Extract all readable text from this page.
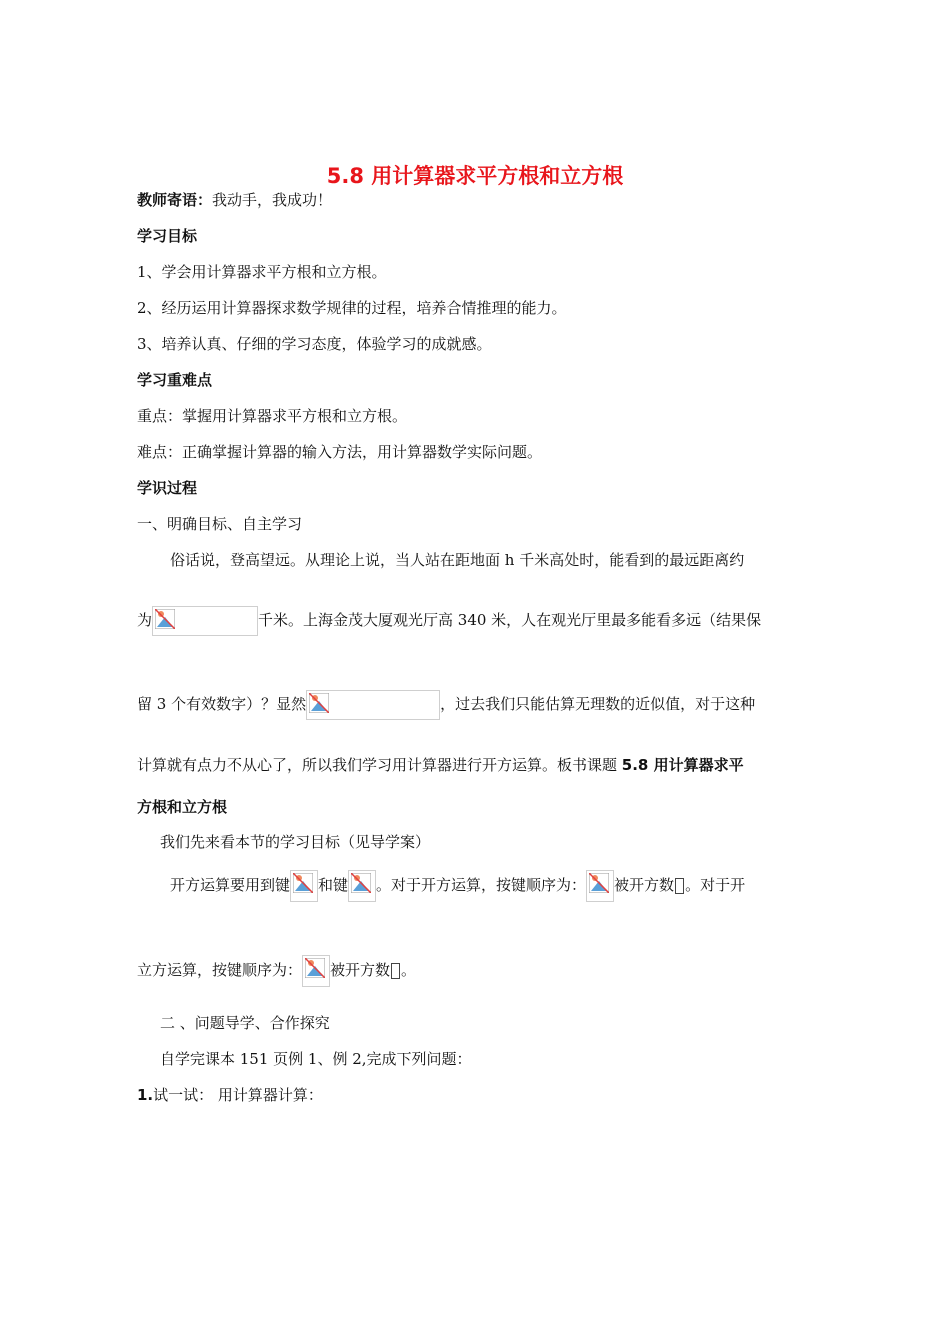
5.8 用计算器求平方根和立方根
教师寄语：我动手，我成功！
学习目标
1、学会用计算器求平方根和立方根。
2、经历运用计算器探求数学规律的过程，培养合情推理的能力。
3、培养认真、仔细的学习态度，体验学习的成就感。
学习重难点
重点：掌握用计算器求平方根和立方根。
难点：正确掌握计算器的输入方法，用计算器数学实际问题。
学识过程
一、明确目标、自主学习
俗话说，登高望远。从理论上说，当人站在距地面 h 千米高处时，能看到的最远距离约
为	千米。上海金茂大厦观光厅高 340 米，人在观光厅里最多能看多远（结果保
留 3 个有效数字）？显然	，过去我们只能估算无理数的近似值，对于这种
计算就有点力不从心了，所以我们学习用计算器进行开方运算。板书课题 5.8 用计算器求平
方根和立方根
我们先来看本节的学习目标（见导学案）
开方运算要用到键 和键 。对于开方运算，按键顺序为： 被开方数 。对于开
立方运算，按键顺序为： 被开方数 。
二 、问题导学、合作探究
自学完课本 151 页例 1、例 2,完成下列问题：
1.试一试： 用计算器计算：
